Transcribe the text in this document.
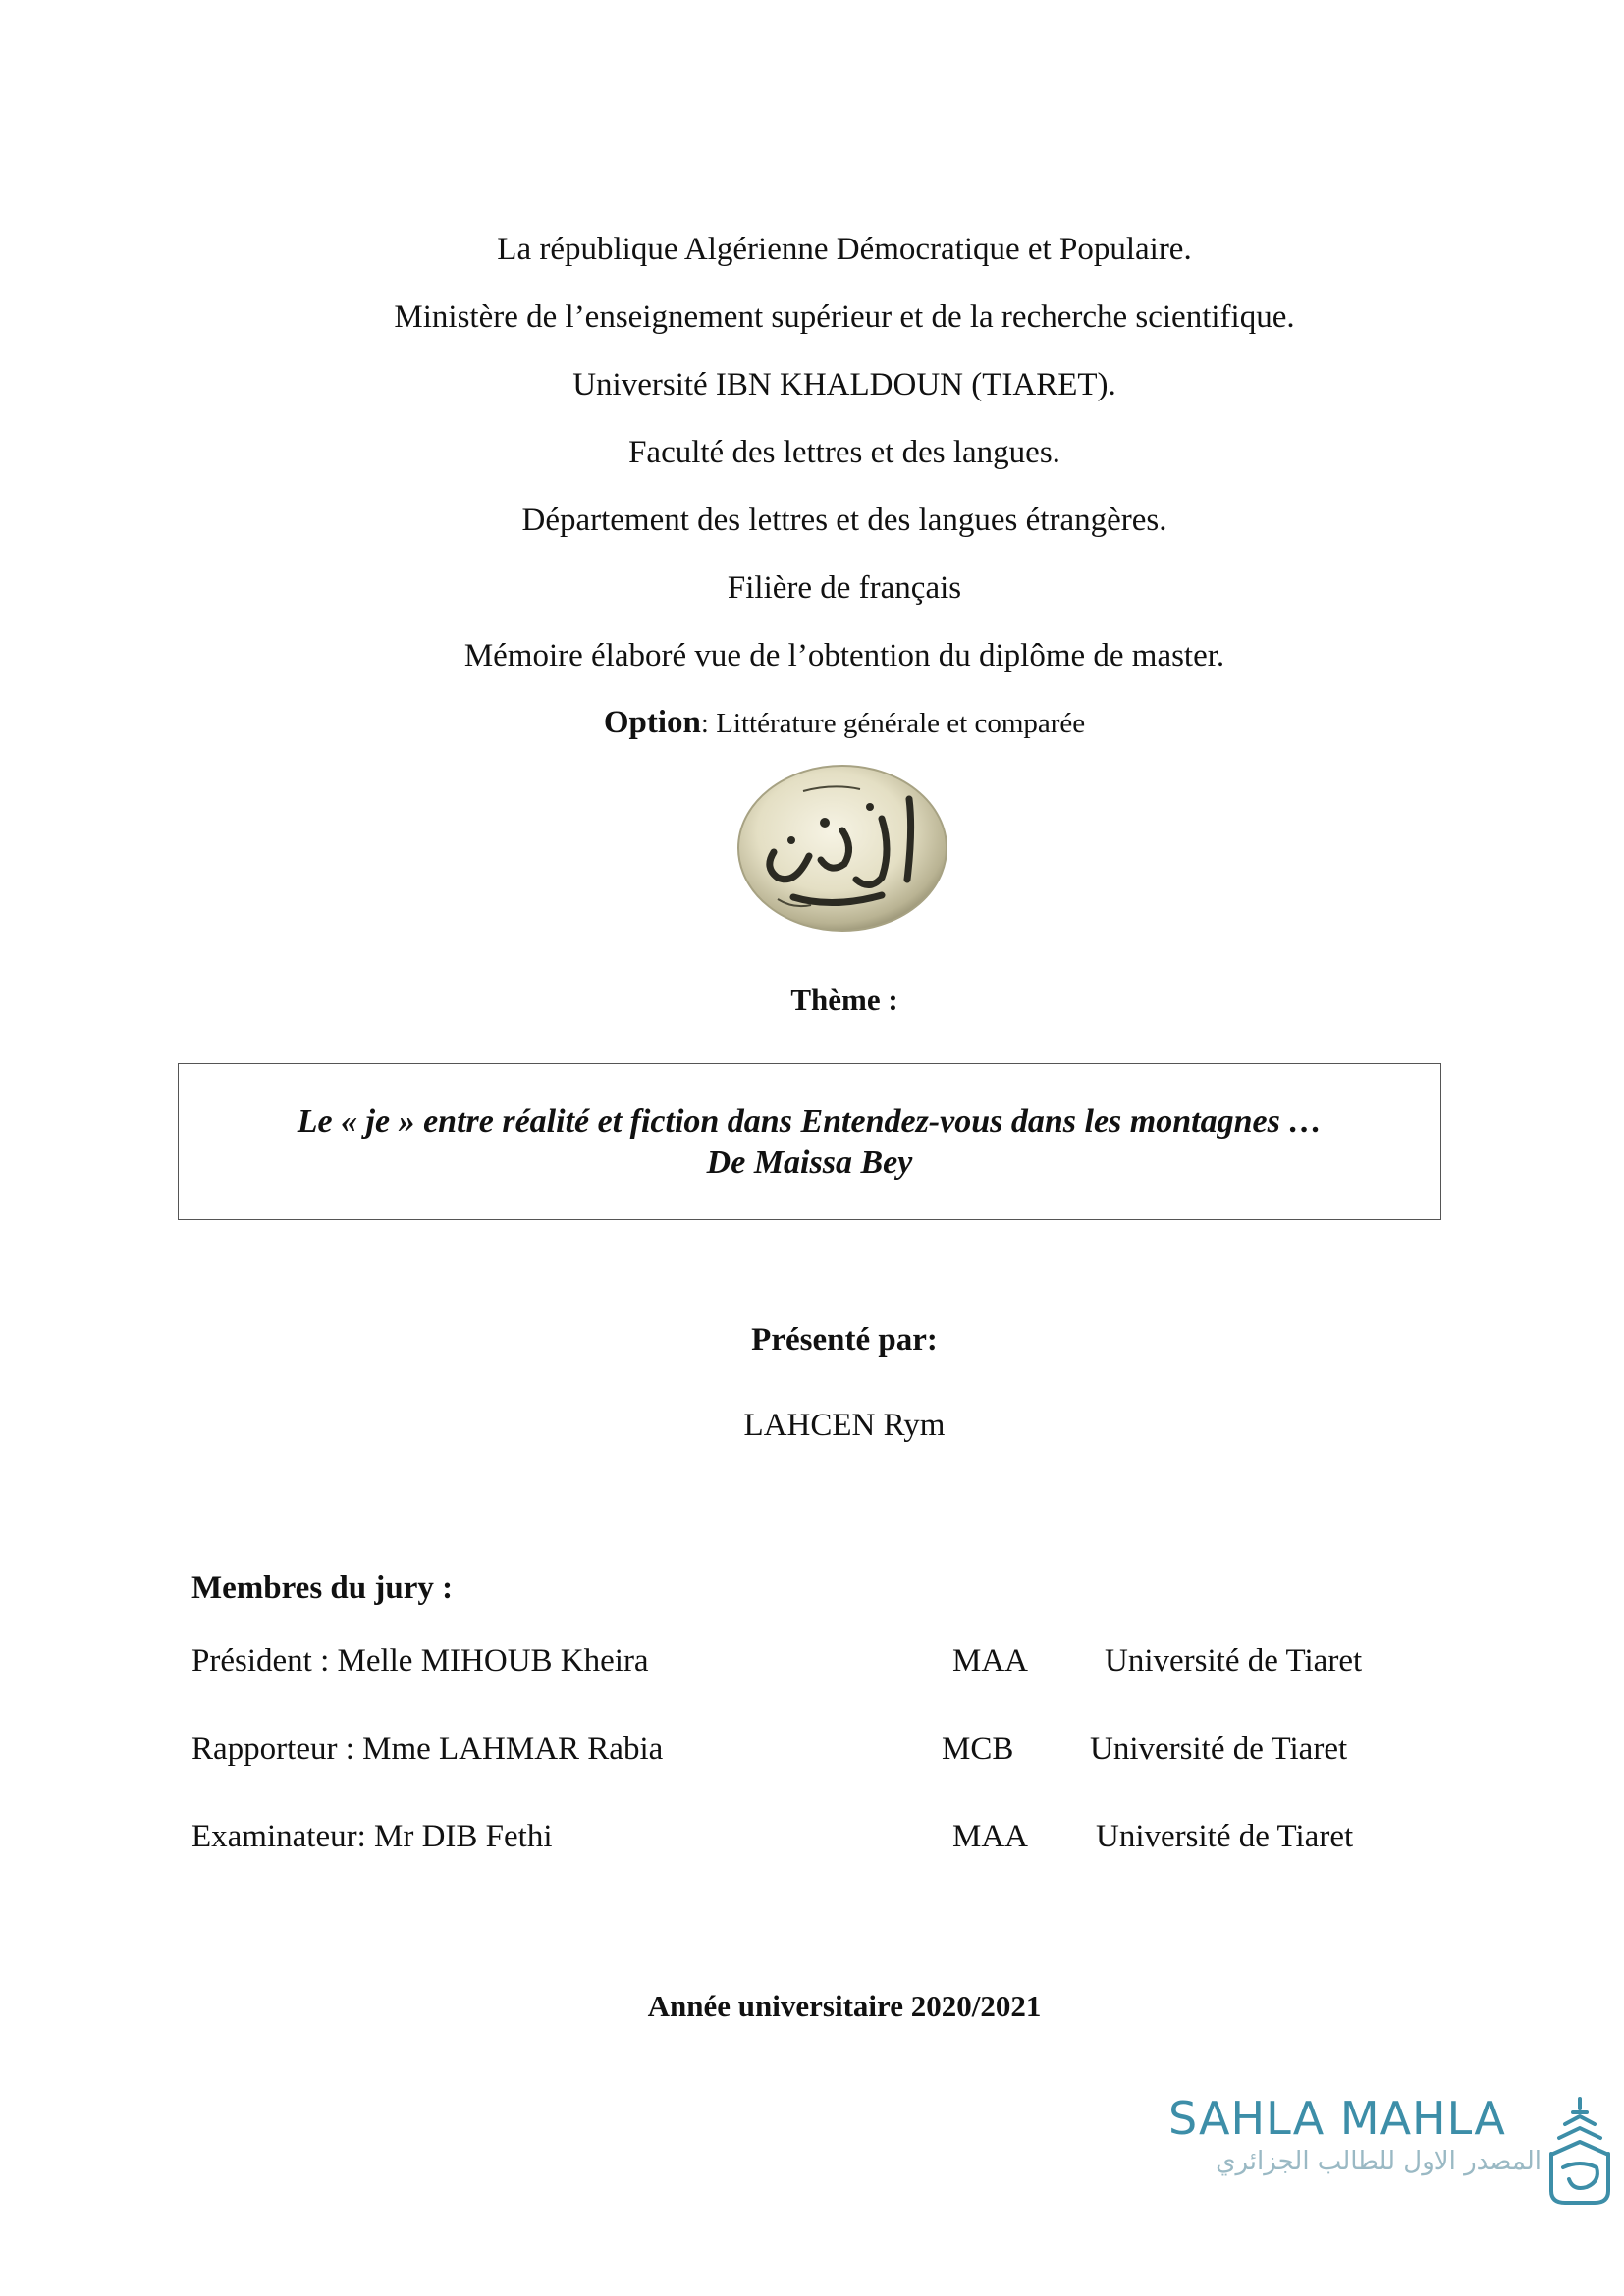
La république Algérienne Démocratique et Populaire.
Ministère de l’enseignement supérieur et de la recherche scientifique.
Université IBN KHALDOUN (TIARET).
Faculté des lettres et des langues.
Département des lettres et des langues étrangères.
Filière de français
Mémoire élaboré vue de l’obtention du diplôme de master.
Option: Littérature générale et comparée
Thème :
Le « je » entre réalité et fiction dans Entendez-vous dans les montagnes …
De Maissa Bey
Présenté par:
LAHCEN Rym
Membres du jury :
Président : Melle MIHOUB Kheira	MAA Université de Tiaret
Rapporteur : Mme LAHMAR Rabia	MCB Université de Tiaret
Examinateur: Mr DIB Fethi	MAA Université de Tiaret
Année universitaire 2020/2021
SAHLA MAHLA
المصدر الاول للطالب الجزائري
